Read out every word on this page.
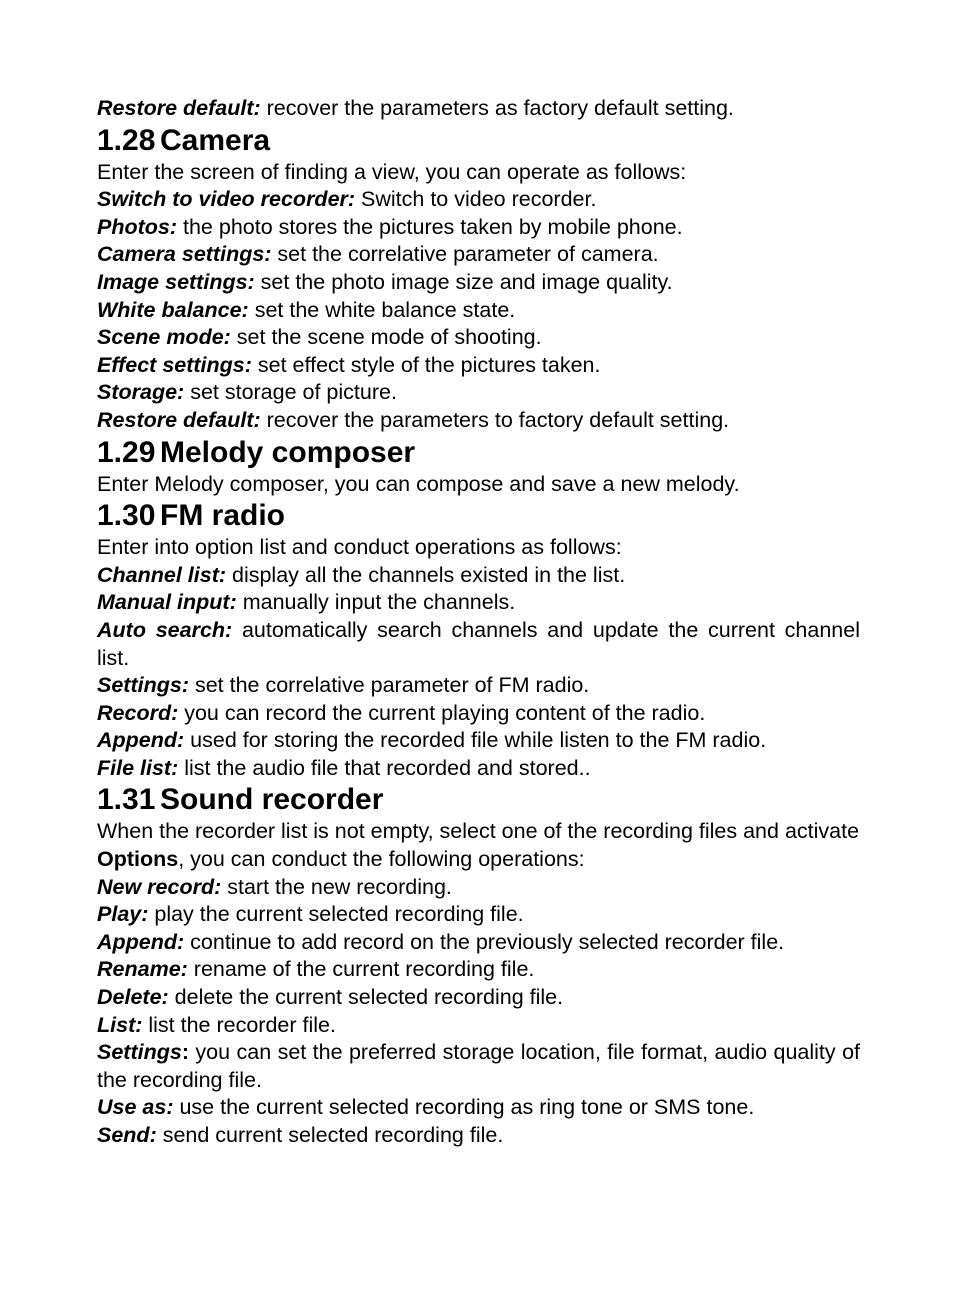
Restore default: recover the parameters as factory default setting.

1.28 Camera

Enter the screen of finding a view, you can operate as follows:

Switch to video recorder: Switch to video recorder.

Photos: the photo stores the pictures taken by mobile phone.

Camera settings: set the correlative parameter of camera.

Image settings: set the photo image size and image quality.

White balance: set the white balance state.

Scene mode: set the scene mode of shooting.

Effect settings: set effect style of the pictures taken.

Storage: set storage of picture.

Restore default: recover the parameters to factory default setting.

1.29 Melody composer

Enter Melody composer, you can compose and save a new melody.

1.30 FM radio

Enter into option list and conduct operations as follows:

Channel list: display all the channels existed in the list.

Manual input: manually input the channels.

Auto search: automatically search channels and update the current channel list.

Settings: set the correlative parameter of FM radio.

Record: you can record the current playing content of the radio.

Append: used for storing the recorded file while listen to the FM radio.

File list: list the audio file that recorded and stored..

1.31 Sound recorder

When the recorder list is not empty, select one of the recording files and activate Options, you can conduct the following operations:

New record: start the new recording.

Play: play the current selected recording file.

Append: continue to add record on the previously selected recorder file.

Rename: rename of the current recording file.

Delete: delete the current selected recording file.

List: list the recorder file.

Settings: you can set the preferred storage location, file format, audio quality of the recording file.

Use as: use the current selected recording as ring tone or SMS tone.

Send: send current selected recording file.
